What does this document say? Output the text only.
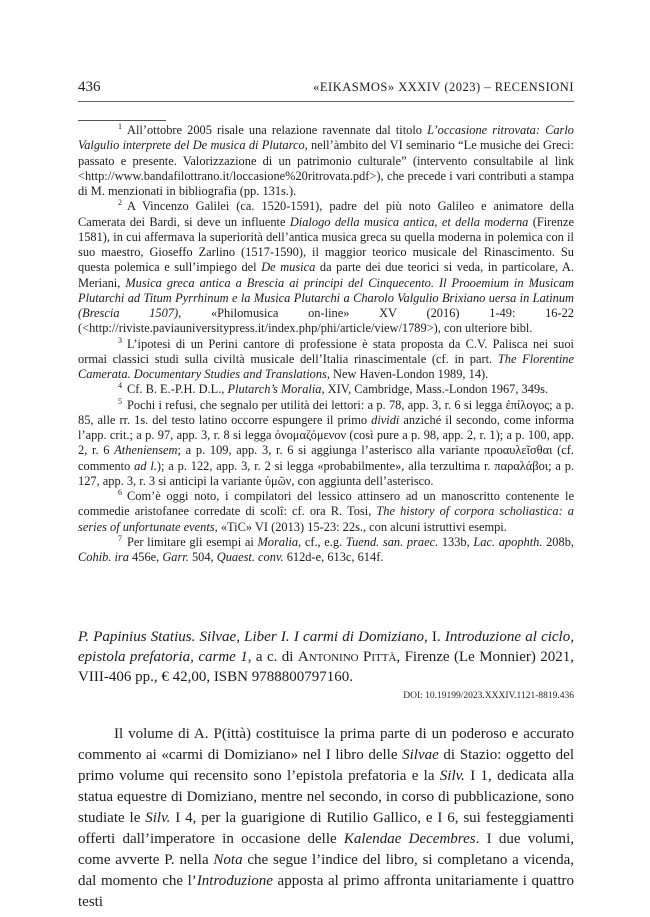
436	«EIKASMOS» XXXIV (2023) – RECENSIONI

$^1$ All’ottobre 2005 risale una relazione ravennate dal titolo L’occasione ritrovata: Carlo Valgulio interprete del De musica di Plutarco, nell’àmbito del VI seminario “Le musiche dei Greci: passato e presente. Valorizzazione di un patrimonio culturale” (intervento consultabile al link <http://www.bandafilottrano.it/loccasione%20ritrovata.pdf>), che precede i vari contributi a stampa di M. menzionati in bibliografia (pp. 131s.).

$^2$ A Vincenzo Galilei (ca. 1520-1591), padre del più noto Galileo e animatore della Camerata dei Bardi, si deve un influente Dialogo della musica antica, et della moderna (Firenze 1581), in cui affermava la superiorità dell’antica musica greca su quella moderna in polemica con il suo maestro, Gioseffo Zarlino (1517-1590), il maggior teorico musicale del Rinascimento. Su questa polemica e sull’impiego del De musica da parte dei due teorici si veda, in particolare, A. Meriani, Musica greca antica a Brescia ai principi del Cinquecento. Il Prooemium in Musicam Plutarchi ad Titum Pyrrhinum e la Musica Plutarchi a Charolo Valgulio Brixiano uersa in Latinum (Brescia 1507), «Philomusica on-line» XV (2016) 1-49: 16-22 (<http://riviste.paviauniversitypress.it/index.php/phi/article/view/1789>), con ulteriore bibl.

$^3$ L’ipotesi di un Perini cantore di professione è stata proposta da C.V. Palisca nei suoi ormai classici studi sulla civiltà musicale dell’Italia rinascimentale (cf. in part. The Florentine Camerata. Documentary Studies and Translations, New Haven-London 1989, 14).

$^4$ Cf. B. E.-P.H. D.L., Plutarch’s Moralia, XIV, Cambridge, Mass.-London 1967, 349s.

$^5$ Pochi i refusi, che segnalo per utilità dei lettori: a p. 78, app. 3, r. 6 si legga ἐπίλογος; a p. 85, alle rr. 1s. del testo latino occorre espungere il primo dividi anziché il secondo, come informa l’app. crit.; a p. 97, app. 3, r. 8 si legga ὀνομαζόμενον (così pure a p. 98, app. 2, r. 1); a p. 100, app. 2, r. 6 Atheniensem; a p. 109, app. 3, r. 6 si aggiunga l’asterisco alla variante προαυλεῖσθαι (cf. commento ad l.); a p. 122, app. 3, r. 2 si legga «probabilmente», alla terzultima r. παραλάβοι; a p. 127, app. 3, r. 3 si anticipi la variante ὑμῶν, con aggiunta dell’asterisco.

$^6$ Com’è oggi noto, i compilatori del lessico attinsero ad un manoscritto contenente le commedie aristofanee corredate di scolî: cf. ora R. Tosi, The history of corpora scholiastica: a series of unfortunate events, «TiC» VI (2013) 15-23: 22s., con alcuni istruttivi esempi.

$^7$ Per limitare gli esempi ai Moralia, cf., e.g. Tuend. san. praec. 133b, Lac. apophth. 208b, Cohib. ira 456e, Garr. 504, Quaest. conv. 612d-e, 613c, 614f.

P. Papinius Statius. Silvae, Liber I. I carmi di Domiziano, I. Introduzione al ciclo, epistola prefatoria, carme 1, a c. di Antonino Pittà, Firenze (Le Monnier) 2021, VIII-406 pp., € 42,00, ISBN 9788800797160.

DOI: 10.19199/2023.XXXIV.1121-8819.436

Il volume di A. P(ittà) costituisce la prima parte di un poderoso e accurato commento ai «carmi di Domiziano» nel I libro delle Silvae di Stazio: oggetto del primo volume qui recensito sono l’epistola prefatoria e la Silv. I 1, dedicata alla statua equestre di Domiziano, mentre nel secondo, in corso di pubblicazione, sono studiate le Silv. I 4, per la guarigione di Rutilio Gallico, e I 6, sui festeggiamenti offerti dall’imperatore in occasione delle Kalendae Decembres. I due volumi, come avverte P. nella Nota che segue l’indice del libro, si completano a vicenda, dal momento che l’Introduzione apposta al primo affronta unitariamente i quattro testi
